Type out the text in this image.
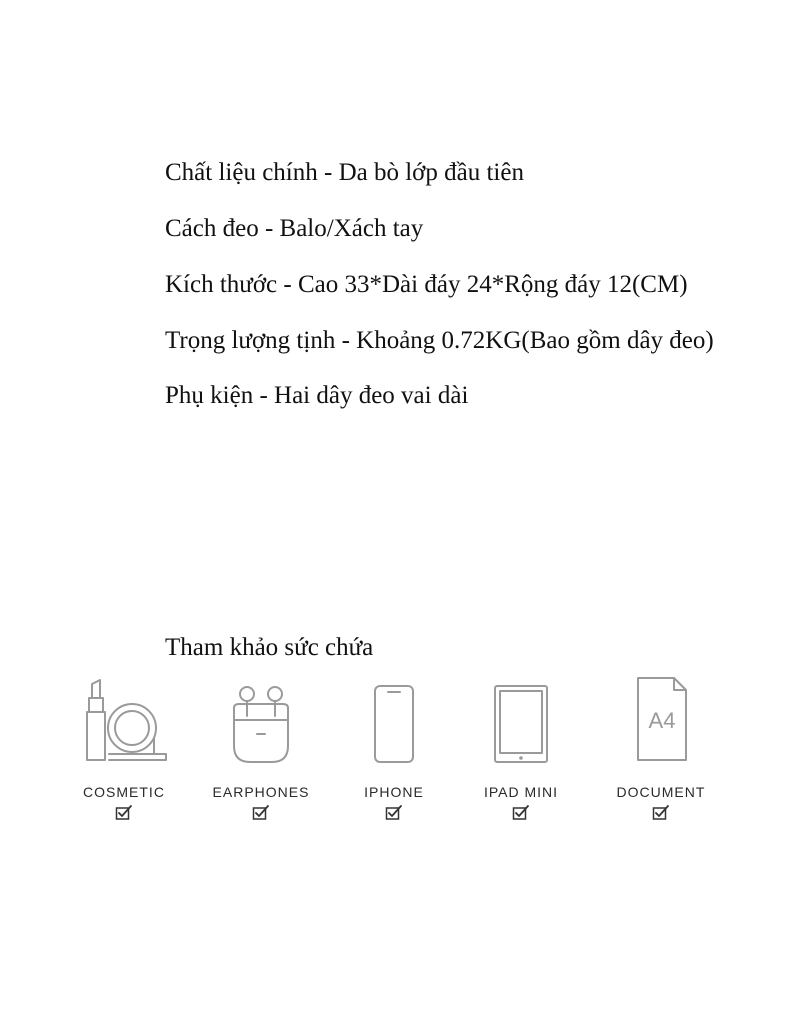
Chất liệu chính - Da bò lớp đầu tiên

Cách đeo - Balo/Xách tay

Kích thước - Cao 33*Dài đáy 24*Rộng đáy 12(CM)

Trọng lượng tịnh - Khoảng 0.72KG(Bao gồm dây đeo)

Phụ kiện - Hai dây đeo vai dài

Tham khảo sức chứa

COSMETIC	EARPHONES	IPHONE	IPAD MINI
A4
DOCUMENT
